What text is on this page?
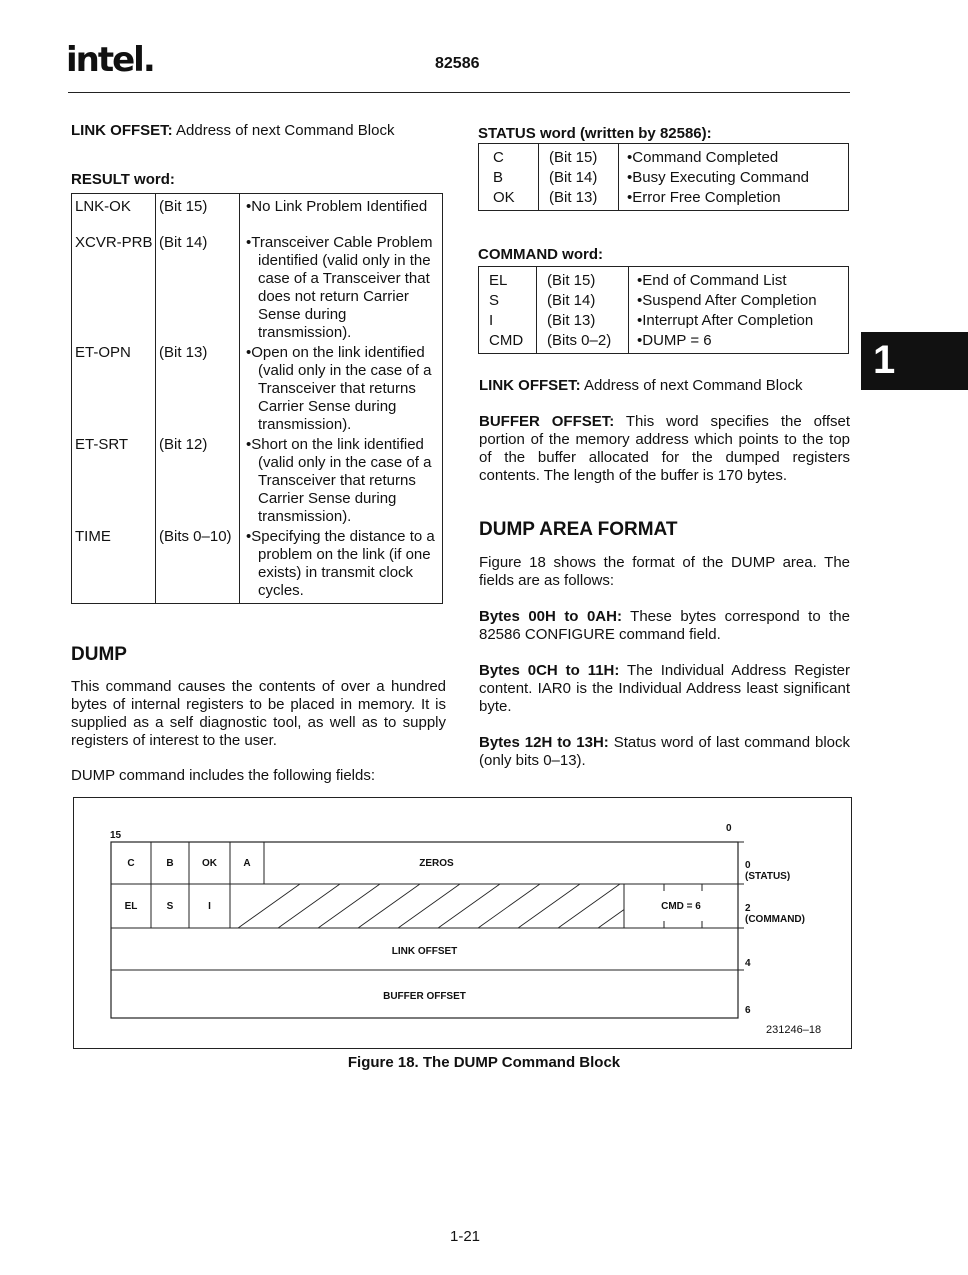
intel.	82586
LINK OFFSET: Address of next Command Block
RESULT word:
LNK-OK	(Bit 15)	•No Link Problem Identified
XCVR-PRB	(Bit 14)	•Transceiver Cable Problem identified (valid only in the case of a Transceiver that does not return Carrier Sense during transmission).
ET-OPN	(Bit 13)	•Open on the link identified (valid only in the case of a Transceiver that returns Carrier Sense during transmission).
ET-SRT	(Bit 12)	•Short on the link identified (valid only in the case of a Transceiver that returns Carrier Sense during transmission).
TIME	(Bits 0–10)	•Specifying the distance to a problem on the link (if one exists) in transmit clock cycles.
DUMP
This command causes the contents of over a hundred bytes of internal registers to be placed in memory. It is supplied as a self diagnostic tool, as well as to supply registers of interest to the user.
DUMP command includes the following fields:
STATUS word (written by 82586):
C	(Bit 15)	•Command Completed
B	(Bit 14)	•Busy Executing Command
OK	(Bit 13)	•Error Free Completion
COMMAND word:
EL	(Bit 15)	•End of Command List
S	(Bit 14)	•Suspend After Completion
I	(Bit 13)	•Interrupt After Completion
CMD	(Bits 0–2)	•DUMP = 6
LINK OFFSET: Address of next Command Block
BUFFER OFFSET: This word specifies the offset portion of the memory address which points to the top of the buffer allocated for the dumped registers contents. The length of the buffer is 170 bytes.
DUMP AREA FORMAT
Figure 18 shows the format of the DUMP area. The fields are as follows:
Bytes 00H to 0AH: These bytes correspond to the 82586 CONFIGURE command field.
Bytes 0CH to 11H: The Individual Address Register content. IAR0 is the Individual Address least significant byte.
Bytes 12H to 13H: Status word of last command block (only bits 0–13).
1
15
0
C	B	OK	A	ZEROS
EL	S	I	CMD = 6
LINK OFFSET
BUFFER OFFSET
0
(STATUS)
2
(COMMAND)
4
6
231246–18
Figure 18. The DUMP Command Block
1-21
